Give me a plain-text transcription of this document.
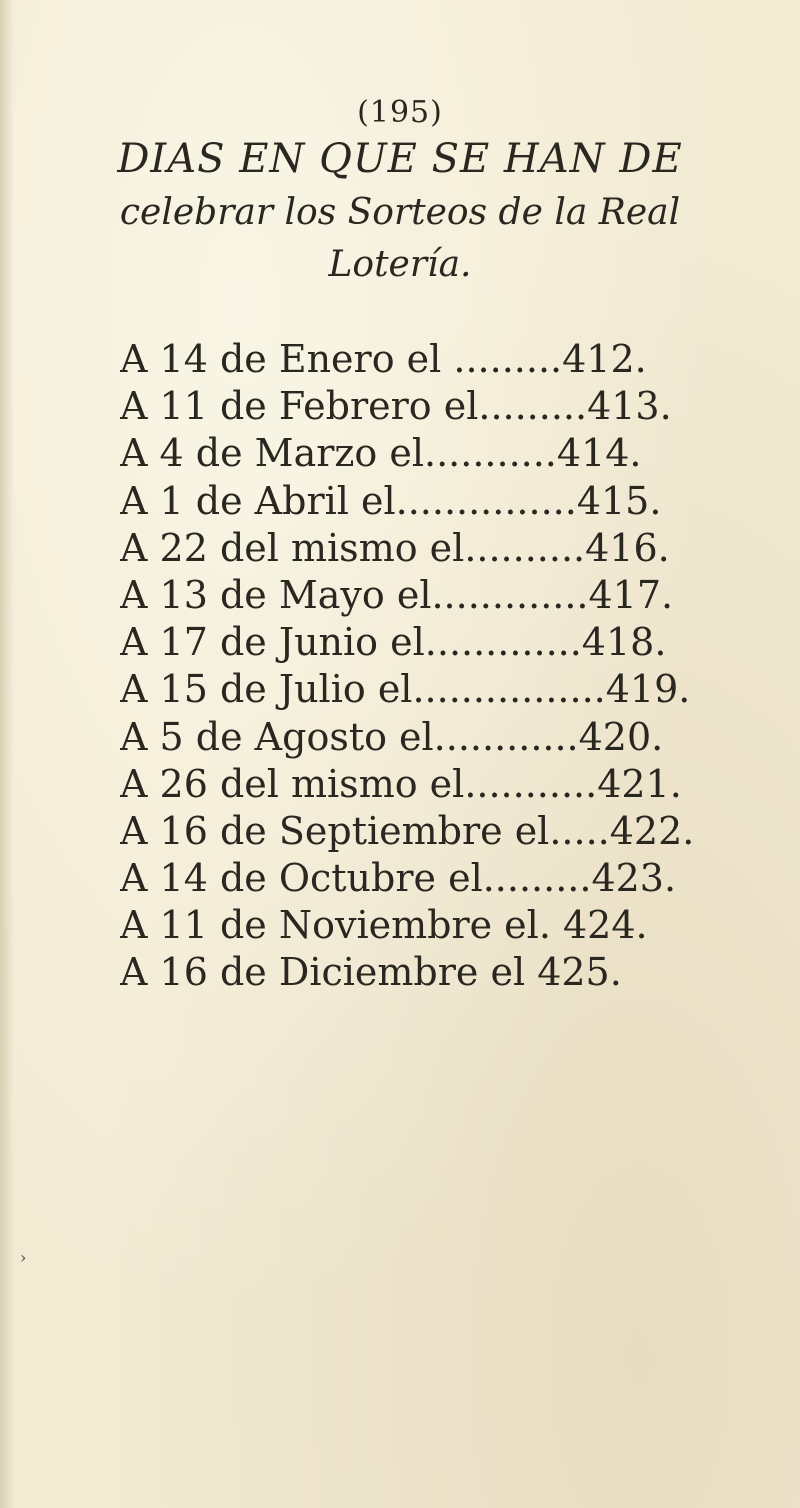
(195)
DIAS EN QUE SE HAN DE
celebrar los Sorteos de la Real
Lotería.
A 14 de Enero el .........412.
A 11 de Febrero el.........413.
A 4 de Marzo el...........414.
A 1 de Abril el...............415.
A 22 del mismo el..........416.
A 13 de Mayo el.............417.
A 17 de Junio el.............418.
A 15 de Julio el................419.
A 5 de Agosto el............420.
A 26 del mismo el...........421.
A 16 de Septiembre el.....422.
A 14 de Octubre el.........423.
A 11 de Noviembre el. 424.
A 16 de Diciembre el 425.
›
